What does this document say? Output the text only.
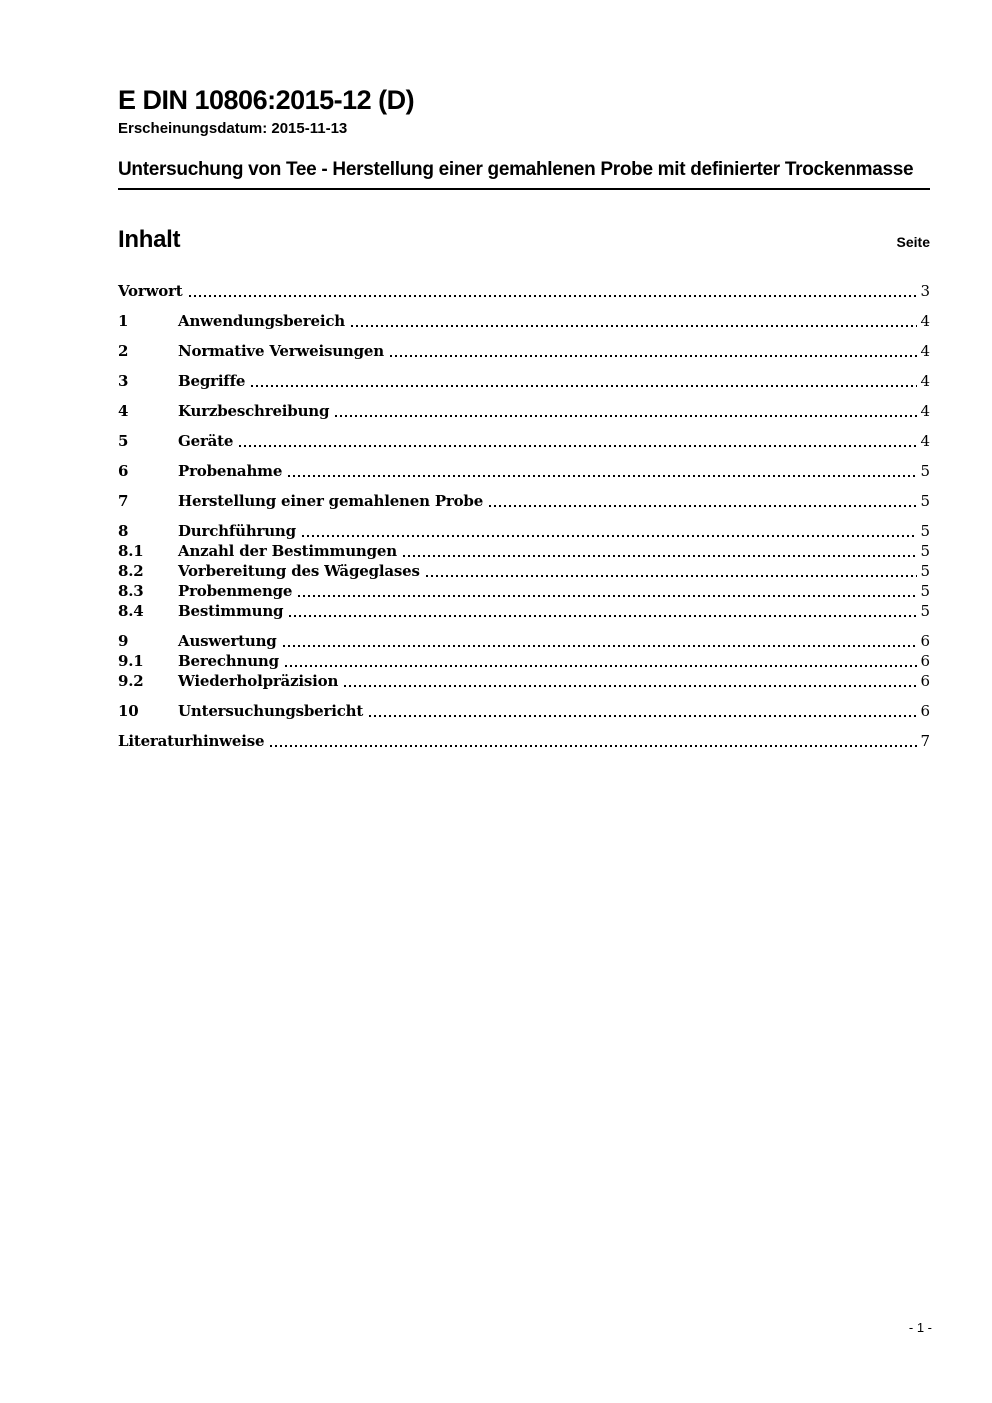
E DIN 10806:2015-12 (D)
Erscheinungsdatum: 2015-11-13
Untersuchung von Tee - Herstellung einer gemahlenen Probe mit definierter Trockenmasse
Inhalt	Seite
Vorwort	3
1	Anwendungsbereich	4
2	Normative Verweisungen	4
3	Begriffe	4
4	Kurzbeschreibung	4
5	Geräte	4
6	Probenahme	5
7	Herstellung einer gemahlenen Probe	5
8	Durchführung	5
8.1	Anzahl der Bestimmungen	5
8.2	Vorbereitung des Wägeglases	5
8.3	Probenmenge	5
8.4	Bestimmung	5
9	Auswertung	6
9.1	Berechnung	6
9.2	Wiederholpräzision	6
10	Untersuchungsbericht	6
Literaturhinweise	7
- 1 -
